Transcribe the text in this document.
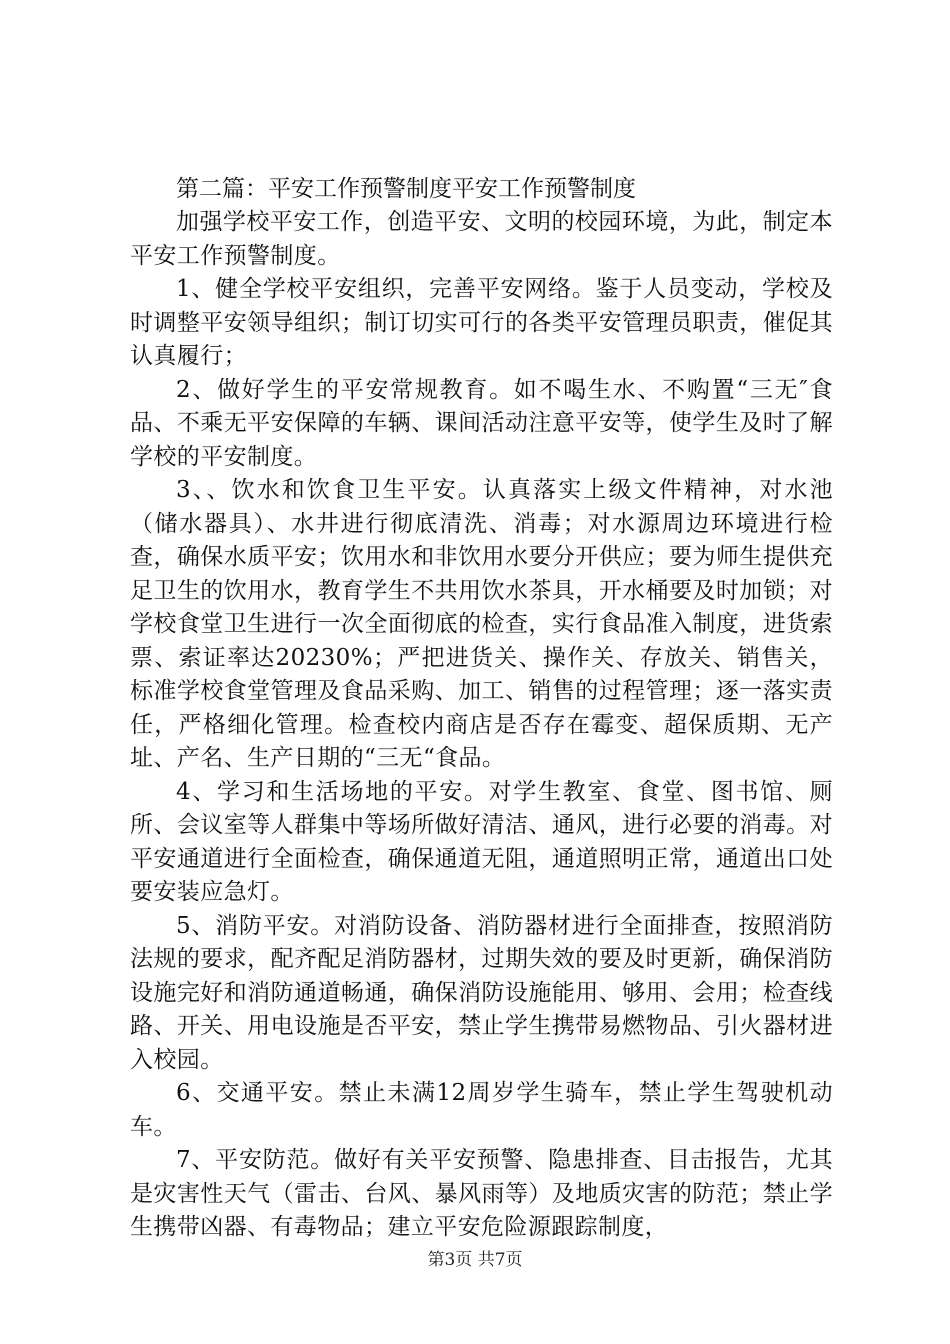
第二篇：平安工作预警制度平安工作预警制度

加强学校平安工作，创造平安、文明的校园环境，为此，制定本平安工作预警制度。

1、健全学校平安组织，完善平安网络。鉴于人员变动，学校及时调整平安领导组织；制订切实可行的各类平安管理员职责，催促其认真履行；

2、做好学生的平安常规教育。如不喝生水、不购置“三无″食品、不乘无平安保障的车辆、课间活动注意平安等，使学生及时了解学校的平安制度。

3、、饮水和饮食卫生平安。认真落实上级文件精神，对水池（储水器具）、水井进行彻底清洗、消毒；对水源周边环境进行检查，确保水质平安；饮用水和非饮用水要分开供应；要为师生提供充足卫生的饮用水，教育学生不共用饮水茶具，开水桶要及时加锁；对学校食堂卫生进行一次全面彻底的检查，实行食品准入制度，进货索票、索证率达20230%；严把进货关、操作关、存放关、销售关，标准学校食堂管理及食品采购、加工、销售的过程管理；逐一落实责任，严格细化管理。检查校内商店是否存在霉变、超保质期、无产址、产名、生产日期的“三无“食品。

4、学习和生活场地的平安。对学生教室、食堂、图书馆、厕所、会议室等人群集中等场所做好清洁、通风，进行必要的消毒。对平安通道进行全面检查，确保通道无阻，通道照明正常，通道出口处要安装应急灯。

5、消防平安。对消防设备、消防器材进行全面排查，按照消防法规的要求，配齐配足消防器材，过期失效的要及时更新，确保消防设施完好和消防通道畅通，确保消防设施能用、够用、会用；检查线路、开关、用电设施是否平安，禁止学生携带易燃物品、引火器材进入校园。

6、交通平安。禁止未满12周岁学生骑车，禁止学生驾驶机动车。

7、平安防范。做好有关平安预警、隐患排查、目击报告，尤其是灾害性天气（雷击、台风、暴风雨等）及地质灾害的防范；禁止学生携带凶器、有毒物品；建立平安危险源跟踪制度，

第3页 共7页
